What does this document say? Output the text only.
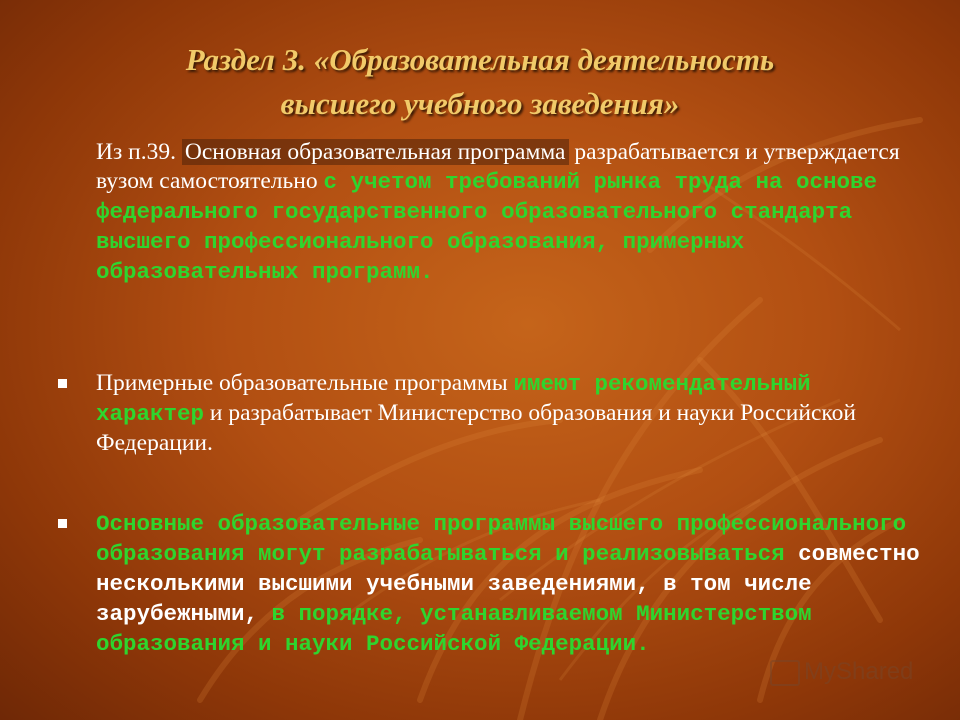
Раздел 3. «Образовательная деятельность
высшего учебного заведения»
Из п.39. Основная образовательная программа разрабатывается и утверждается вузом самостоятельно с учетом требований рынка труда на основе федерального государственного образовательного стандарта высшего профессионального образования, примерных образовательных программ.
Примерные образовательные программы имеют рекомендательный характер и разрабатывает Министерство образования и науки Российской Федерации.
Основные образовательные программы высшего профессионального образования могут разрабатываться и реализовываться совместно несколькими высшими учебными заведениями, в том числе зарубежными, в порядке, устанавливаемом Министерством образования и науки Российской Федерации.
MyShared
